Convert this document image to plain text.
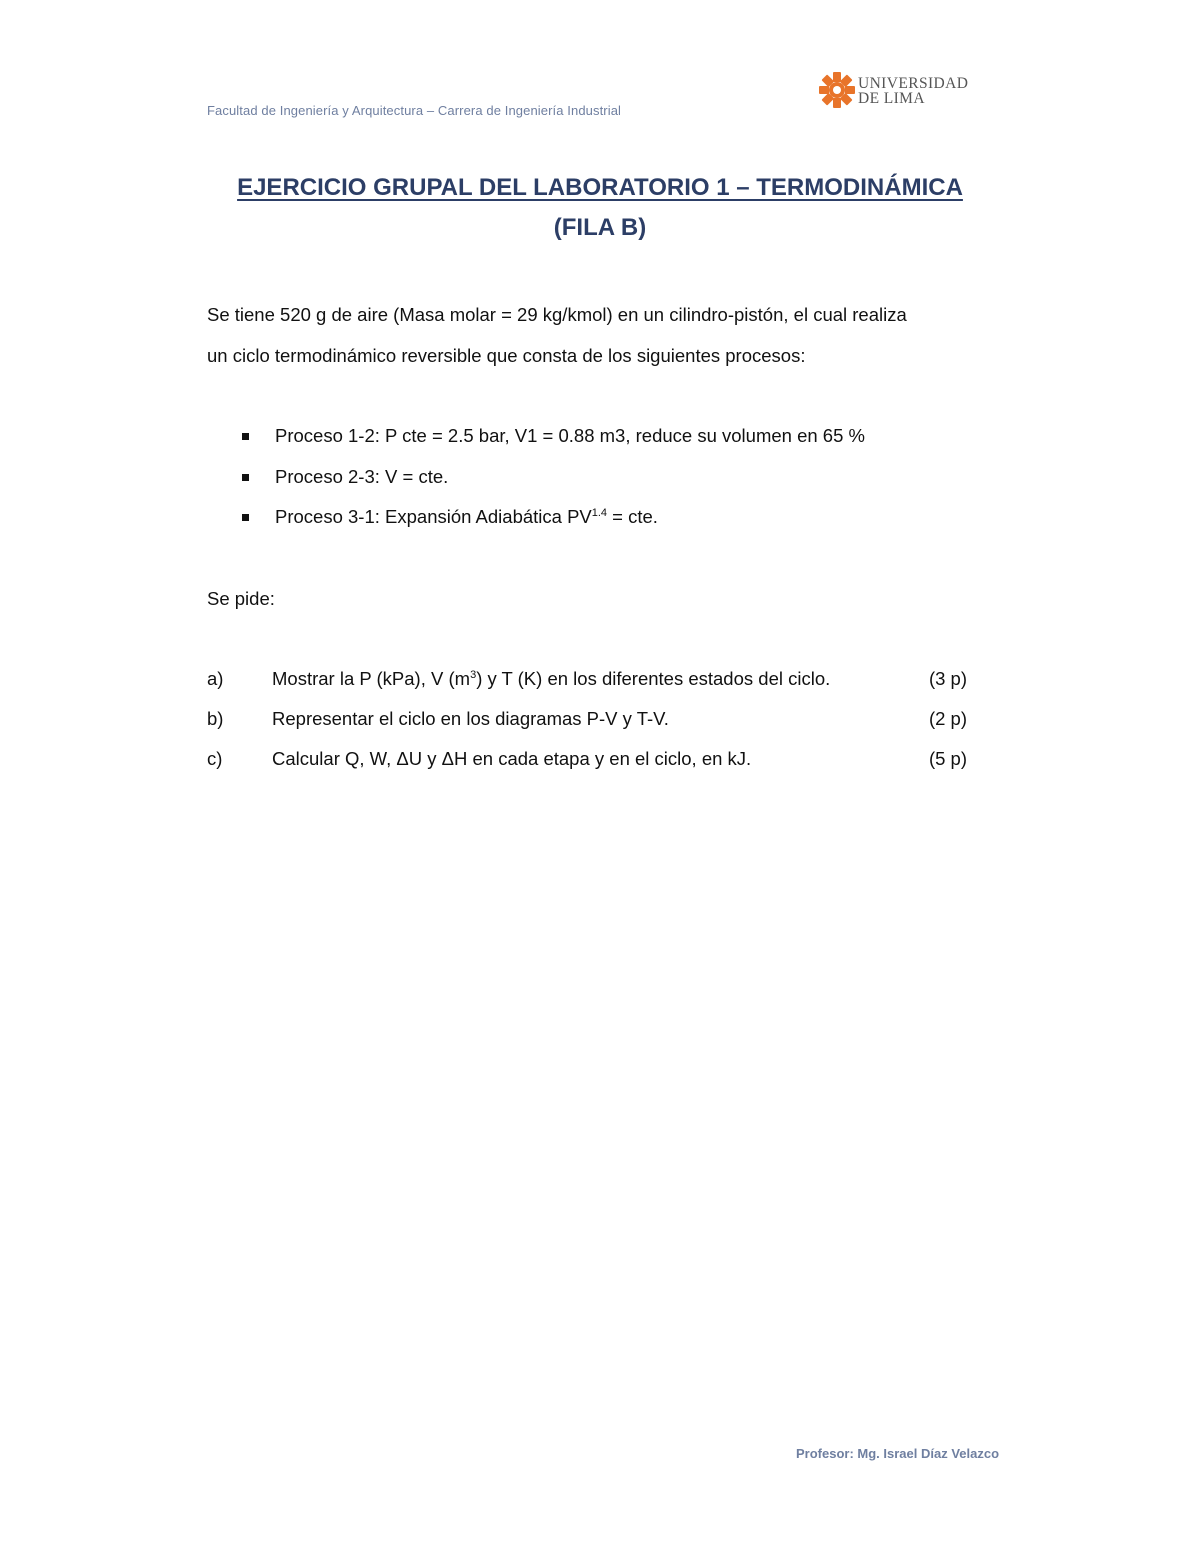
Facultad de Ingeniería y Arquitectura – Carrera de Ingeniería Industrial
UNIVERSIDAD
DE LIMA
EJERCICIO GRUPAL DEL LABORATORIO 1 – TERMODINÁMICA
(FILA B)
Se tiene 520 g de aire (Masa molar = 29 kg/kmol) en un cilindro-pistón, el cual realiza
un ciclo termodinámico reversible que consta de los siguientes procesos:
Proceso 1-2: P cte = 2.5 bar, V1 = 0.88 m3, reduce su volumen en 65 %
Proceso 2-3: V = cte.
Proceso 3-1: Expansión Adiabática $PV^{1.4}$ = cte.
Se pide:
a)	Mostrar la P (kPa), V $(m^3)$ y T (K) en los diferentes estados del ciclo.	(3 p)
b)	Representar el ciclo en los diagramas P-V y T-V.	(2 p)
c)	Calcular Q, W, ΔU y ΔH en cada etapa y en el ciclo, en kJ.	(5 p)
Profesor: Mg. Israel Díaz Velazco
